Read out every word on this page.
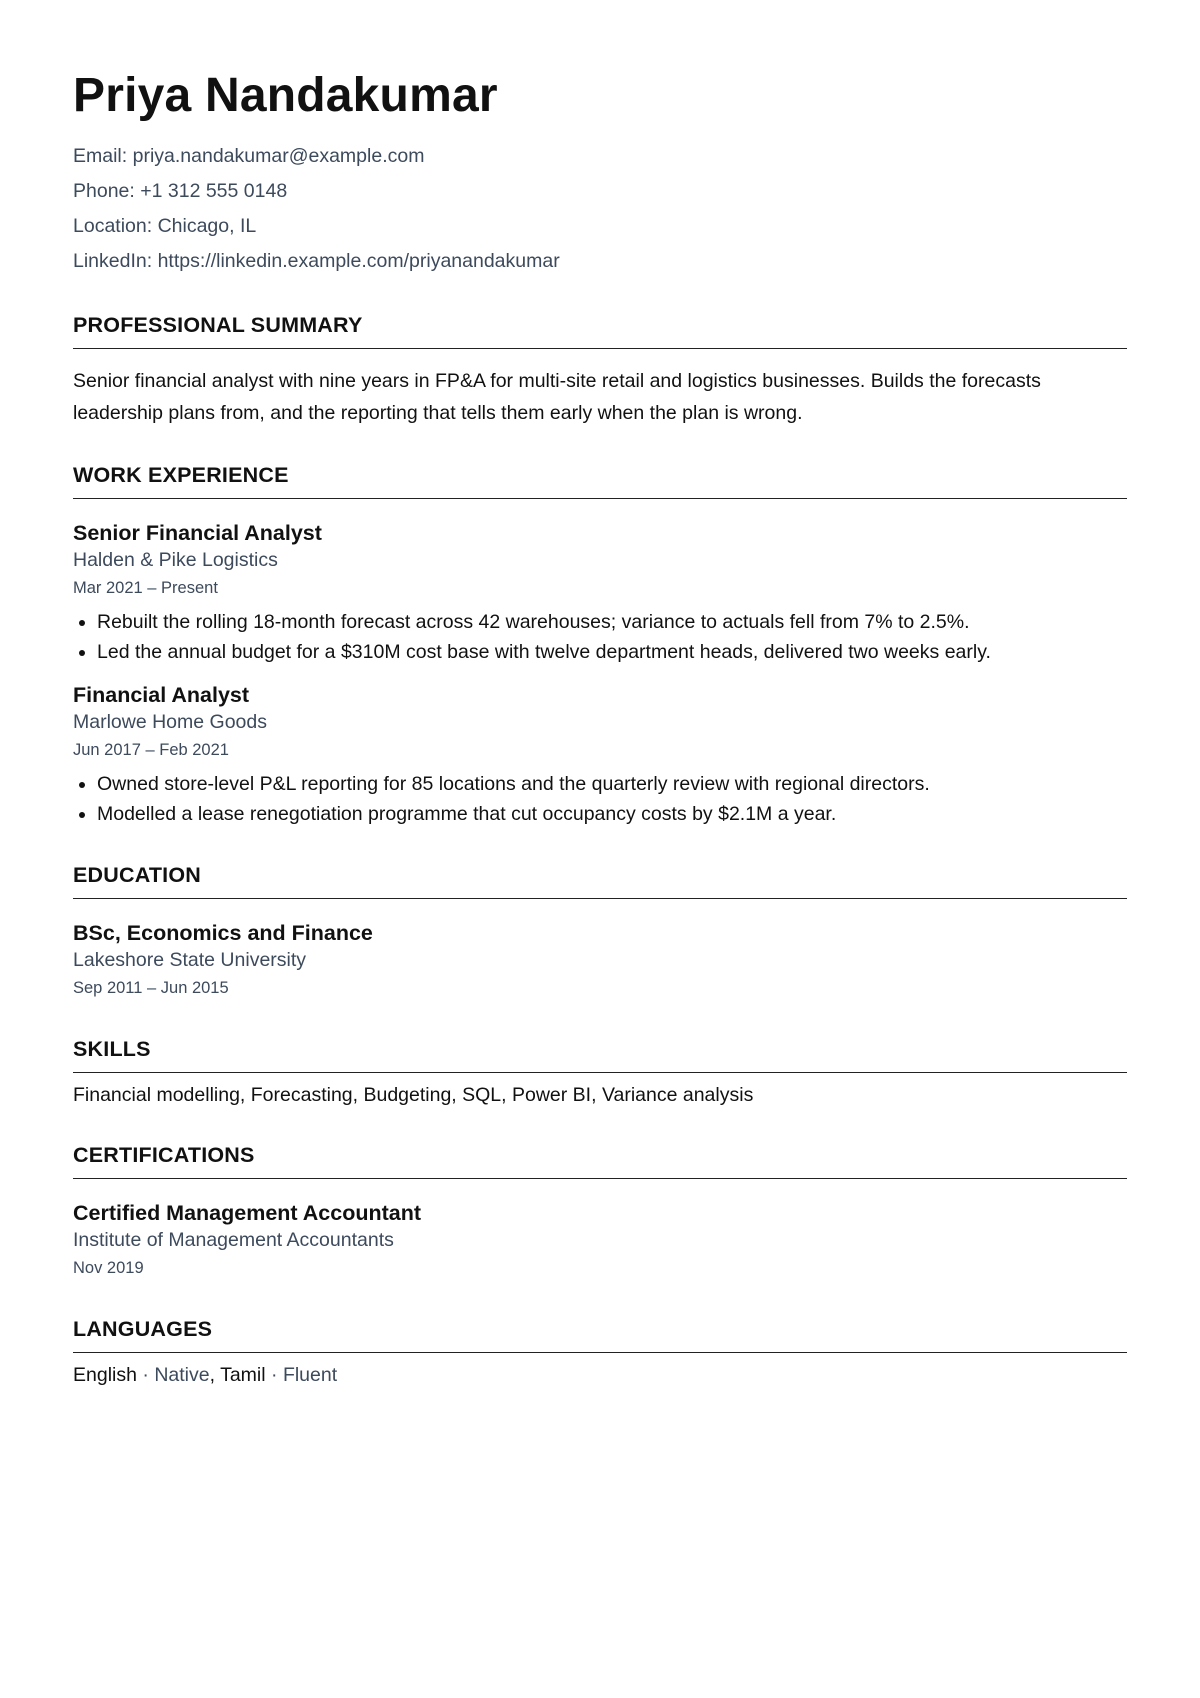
Priya Nandakumar
Email: priya.nandakumar@example.com
Phone: +1 312 555 0148
Location: Chicago, IL
LinkedIn: https://linkedin.example.com/priyanandakumar
PROFESSIONAL SUMMARY
Senior financial analyst with nine years in FP&A for multi-site retail and logistics businesses. Builds the forecasts leadership plans from, and the reporting that tells them early when the plan is wrong.
WORK EXPERIENCE
Senior Financial Analyst
Halden & Pike Logistics
Mar 2021 – Present
• Rebuilt the rolling 18-month forecast across 42 warehouses; variance to actuals fell from 7% to 2.5%.
• Led the annual budget for a $310M cost base with twelve department heads, delivered two weeks early.
Financial Analyst
Marlowe Home Goods
Jun 2017 – Feb 2021
• Owned store-level P&L reporting for 85 locations and the quarterly review with regional directors.
• Modelled a lease renegotiation programme that cut occupancy costs by $2.1M a year.
EDUCATION
BSc, Economics and Finance
Lakeshore State University
Sep 2011 – Jun 2015
SKILLS
Financial modelling, Forecasting, Budgeting, SQL, Power BI, Variance analysis
CERTIFICATIONS
Certified Management Accountant
Institute of Management Accountants
Nov 2019
LANGUAGES
English · Native, Tamil · Fluent
